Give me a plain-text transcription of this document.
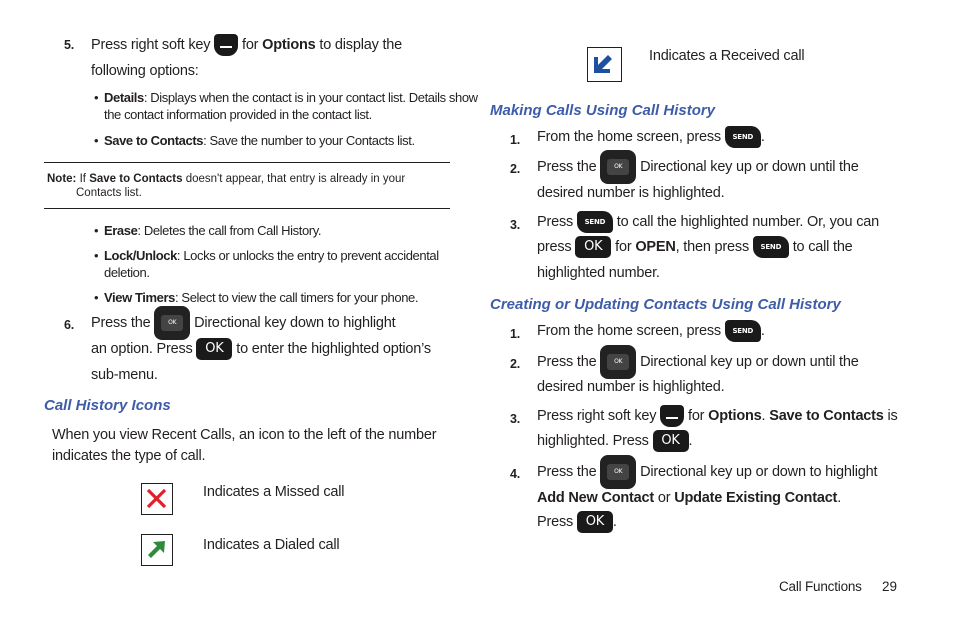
5. Press right soft key for Options to display the
following options:
• Details: Displays when the contact is in your contact list. Details show
the contact information provided in the contact list.
• Save to Contacts: Save the number to your Contacts list.
Note: If Save to Contacts doesn't appear, that entry is already in your
Contacts list.
• Erase: Deletes the call from Call History.
• Lock/Unlock: Locks or unlocks the entry to prevent accidental
deletion.
• View Timers: Select to view the call timers for your phone.
6. Press the	OK	Directional key down to highlight
an option. Press OK to enter the highlighted option’s
sub-menu.
Call History Icons
When you view Recent Calls, an icon to the left of the number
indicates the type of call.
Indicates a Missed call
Indicates a Dialed call
Indicates a Received call
Making Calls Using Call History
1. From the home screen, press SEND .
2. Press the	OK	Directional key up or down until the
desired number is highlighted.
3. Press SEND to call the highlighted number. Or, you can
press OK for OPEN, then press SEND to call the
highlighted number.
Creating or Updating Contacts Using Call History
1. From the home screen, press SEND .
2. Press the	OK	Directional key up or down until the
desired number is highlighted.
3. Press right soft key for Options. Save to Contacts is
highlighted. Press OK .
4. Press the	OK	Directional key up or down to highlight
Add New Contact or Update Existing Contact.
Press OK .
Call Functions 29
